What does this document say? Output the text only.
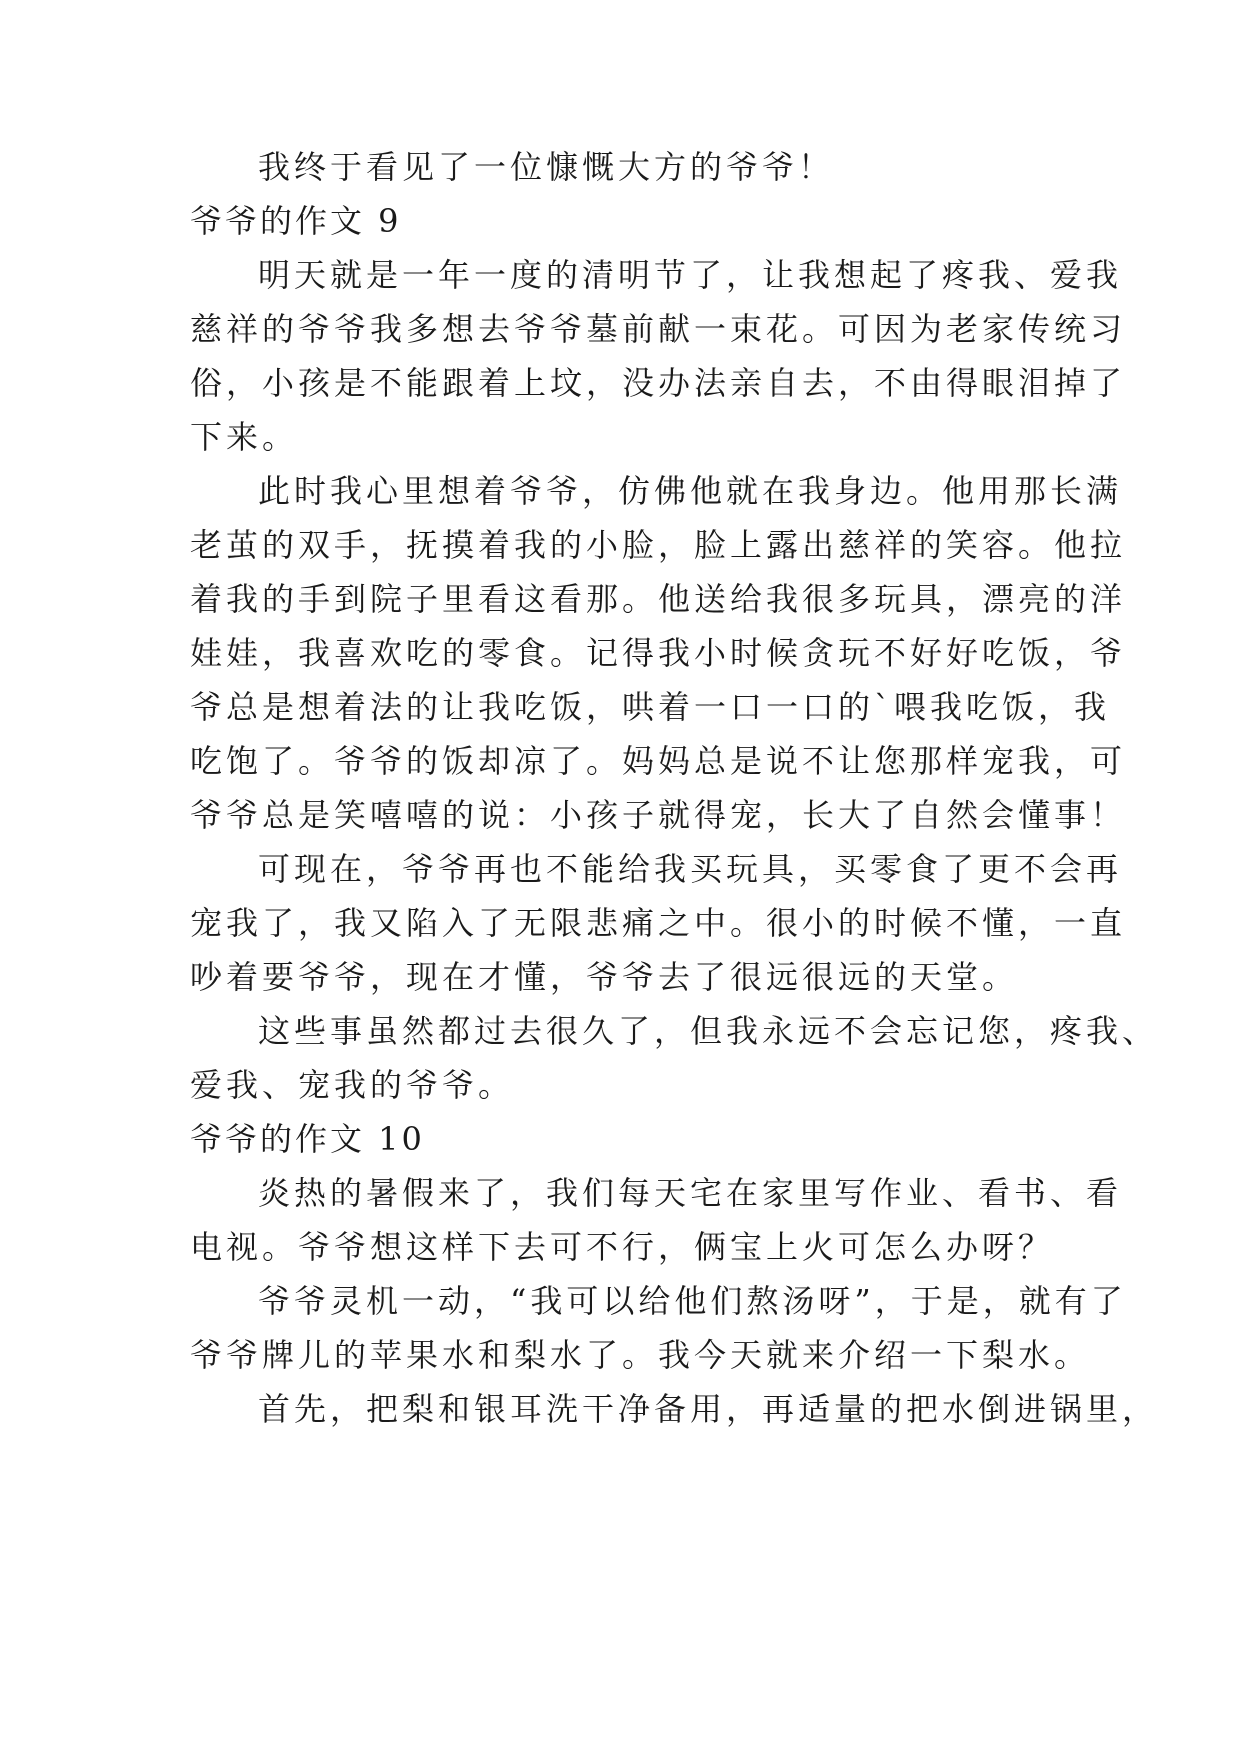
我终于看见了一位慷慨大方的爷爷！
爷爷的作文 9
明天就是一年一度的清明节了，让我想起了疼我、爱我
慈祥的爷爷我多想去爷爷墓前献一束花。可因为老家传统习
俗，小孩是不能跟着上坟，没办法亲自去，不由得眼泪掉了
下来。
此时我心里想着爷爷，仿佛他就在我身边。他用那长满
老茧的双手，抚摸着我的小脸，脸上露出慈祥的笑容。他拉
着我的手到院子里看这看那。他送给我很多玩具，漂亮的洋
娃娃，我喜欢吃的零食。记得我小时候贪玩不好好吃饭，爷
爷总是想着法的让我吃饭，哄着一口一口的`喂我吃饭，我
吃饱了。爷爷的饭却凉了。妈妈总是说不让您那样宠我，可
爷爷总是笑嘻嘻的说：小孩子就得宠，长大了自然会懂事！
可现在，爷爷再也不能给我买玩具，买零食了更不会再
宠我了，我又陷入了无限悲痛之中。很小的时候不懂，一直
吵着要爷爷，现在才懂，爷爷去了很远很远的天堂。
这些事虽然都过去很久了，但我永远不会忘记您，疼我、
爱我、宠我的爷爷。
爷爷的作文 10
炎热的暑假来了，我们每天宅在家里写作业、看书、看
电视。爷爷想这样下去可不行，俩宝上火可怎么办呀？
爷爷灵机一动，“我可以给他们熬汤呀”，于是，就有了
爷爷牌儿的苹果水和梨水了。我今天就来介绍一下梨水。
首先，把梨和银耳洗干净备用，再适量的把水倒进锅里，
